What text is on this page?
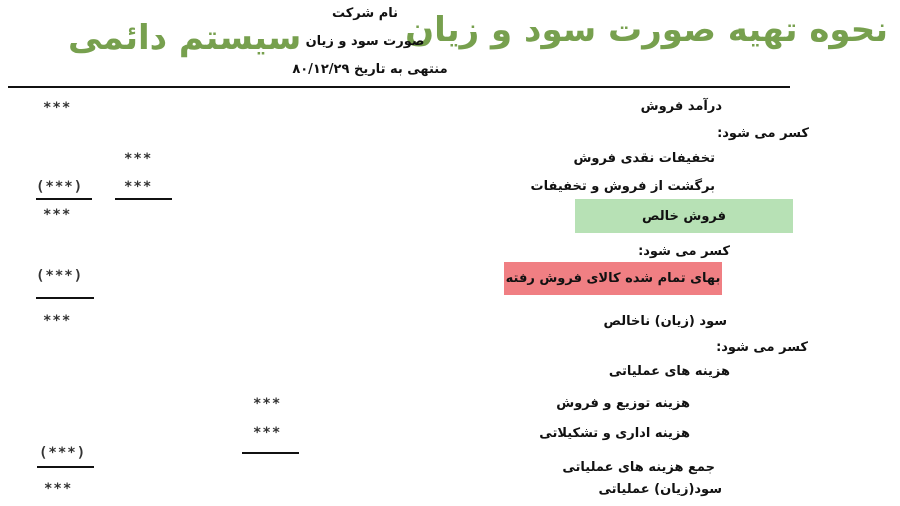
نحوه تهیه صورت سود و زیان
سیستم دائمی
نام شرکت
صورت سود و زیان
منتهی به تاریخ ۸۰/۱۲/۲۹
درآمد فروش
***
کسر می شود:
تخفیفات نقدی فروش
***
برگشت از فروش و تخفیفات
***
(***)
فروش خالص
***
کسر می شود:
بهای تمام شده کالای فروش رفته
(***)
سود (زیان) ناخالص
***
کسر می شود:
هزینه های عملیاتی
هزینه توزیع و فروش
***
هزینه اداری و تشکیلاتی
***
(***)
جمع هزینه های عملیاتی
سود(زیان) عملیاتی
***
